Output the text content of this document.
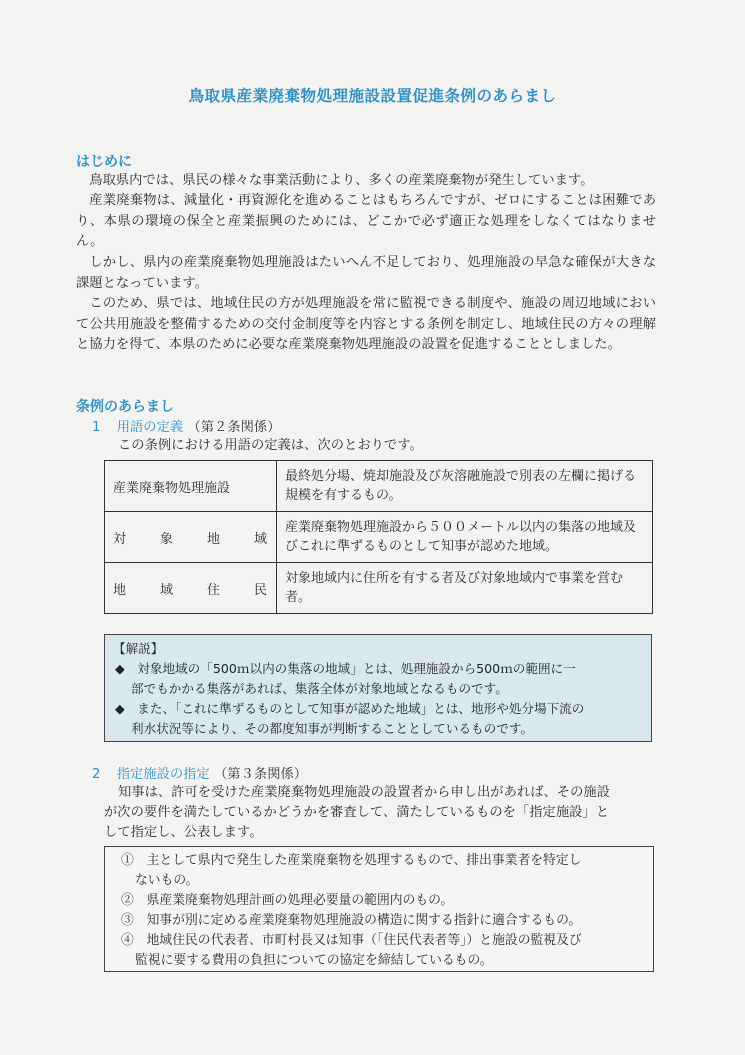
鳥取県産業廃棄物処理施設設置促進条例のあらまし
はじめに

鳥取県内では、県民の様々な事業活動により、多くの産業廃棄物が発生しています。

産業廃棄物は、減量化・再資源化を進めることはもちろんですが、ゼロにすることは困難であり、本県の環境の保全と産業振興のためには、どこかで必ず適正な処理をしなくてはなりません。

しかし、県内の産業廃棄物処理施設はたいへん不足しており、処理施設の早急な確保が大きな課題となっています。

このため、県では、地域住民の方が処理施設を常に監視できる制度や、施設の周辺地域において公共用施設を整備するための交付金制度等を内容とする条例を制定し、地域住民の方々の理解と協力を得て、本県のために必要な産業廃棄物処理施設の設置を促進することとしました。

条例のあらまし
1 用語の定義 （第２条関係）
この条例における用語の定義は、次のとおりです。
産業廃棄物処理施設	最終処分場、焼却施設及び灰溶融施設で別表の左欄に掲げる規模を有するもの。
対象地域	産業廃棄物処理施設から５００メートル以内の集落の地域及びこれに準ずるものとして知事が認めた地域。
地域住民	対象地域内に住所を有する者及び対象地域内で事業を営む者。
【解説】
◆　対象地域の「500ｍ以内の集落の地域」とは、処理施設から500ｍの範囲に一
部でもかかる集落があれば、集落全体が対象地域となるものです。
◆　また、「これに準ずるものとして知事が認めた地域」とは、地形や処分場下流の
利水状況等により、その都度知事が判断することとしているものです。
2 指定施設の指定 （第３条関係）
知事は、許可を受けた産業廃棄物処理施設の設置者から申し出があれば、その施設
が次の要件を満たしているかどうかを審査して、満たしているものを「指定施設」と
して指定し、公表します。
①　主として県内で発生した産業廃棄物を処理するもので、排出事業者を特定し
ないもの。
②　県産業廃棄物処理計画の処理必要量の範囲内のもの。
③　知事が別に定める産業廃棄物処理施設の構造に関する指針に適合するもの。
④　地域住民の代表者、市町村長又は知事（「住民代表者等」）と施設の監視及び
監視に要する費用の負担についての協定を締結しているもの。
